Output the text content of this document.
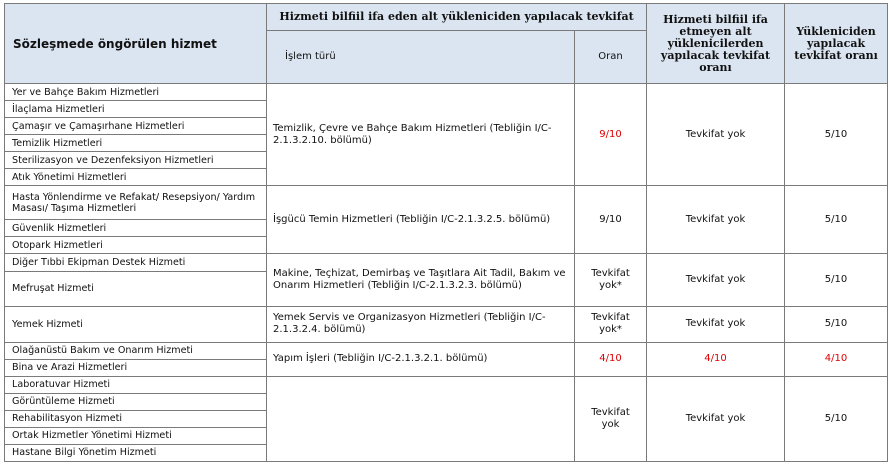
Sözleşmede öngörülen hizmet	Hizmeti bilfiil ifa eden alt yükleniciden yapılacak tevkifat		Hizmeti bilfiil ifa etmeyen alt yüklenicilerden yapılacak tevkifat oranı	Yükleniciden yapılacak tevkifat oranı
	İşlem türü	Oran		
Yer ve Bahçe Bakım Hizmetleri	Temizlik, Çevre ve Bahçe Bakım Hizmetleri (Tebliğin I/C-2.1.3.2.10. bölümü)	9/10	Tevkifat yok	5/10
İlaçlama Hizmetleri				
Çamaşır ve Çamaşırhane Hizmetleri				
Temizlik Hizmetleri				
Sterilizasyon ve Dezenfeksiyon Hizmetleri				
Atık Yönetimi Hizmetleri				
Hasta Yönlendirme ve Refakat/ Resepsiyon/ Yardım Masası/ Taşıma Hizmetleri	İşgücü Temin Hizmetleri (Tebliğin I/C-2.1.3.2.5. bölümü)	9/10	Tevkifat yok	5/10
Güvenlik Hizmetleri				
Otopark Hizmetleri				
Diğer Tıbbi Ekipman Destek Hizmeti	Makine, Teçhizat, Demirbaş ve Taşıtlara Ait Tadil, Bakım ve Onarım Hizmetleri (Tebliğin I/C-2.1.3.2.3. bölümü)	Tevkifat yok*	Tevkifat yok	5/10
Mefruşat Hizmeti				
Yemek Hizmeti	Yemek Servis ve Organizasyon Hizmetleri (Tebliğin I/C-2.1.3.2.4. bölümü)	Tevkifat yok*	Tevkifat yok	5/10
Olağanüstü Bakım ve Onarım Hizmeti	Yapım İşleri (Tebliğin I/C-2.1.3.2.1. bölümü)	4/10	4/10	4/10
Bina ve Arazi Hizmetleri				
Laboratuvar Hizmeti		Tevkifat yok	Tevkifat yok	5/10
Görüntüleme Hizmeti				
Rehabilitasyon Hizmeti				
Ortak Hizmetler Yönetimi Hizmeti				
Hastane Bilgi Yönetim Hizmeti				
